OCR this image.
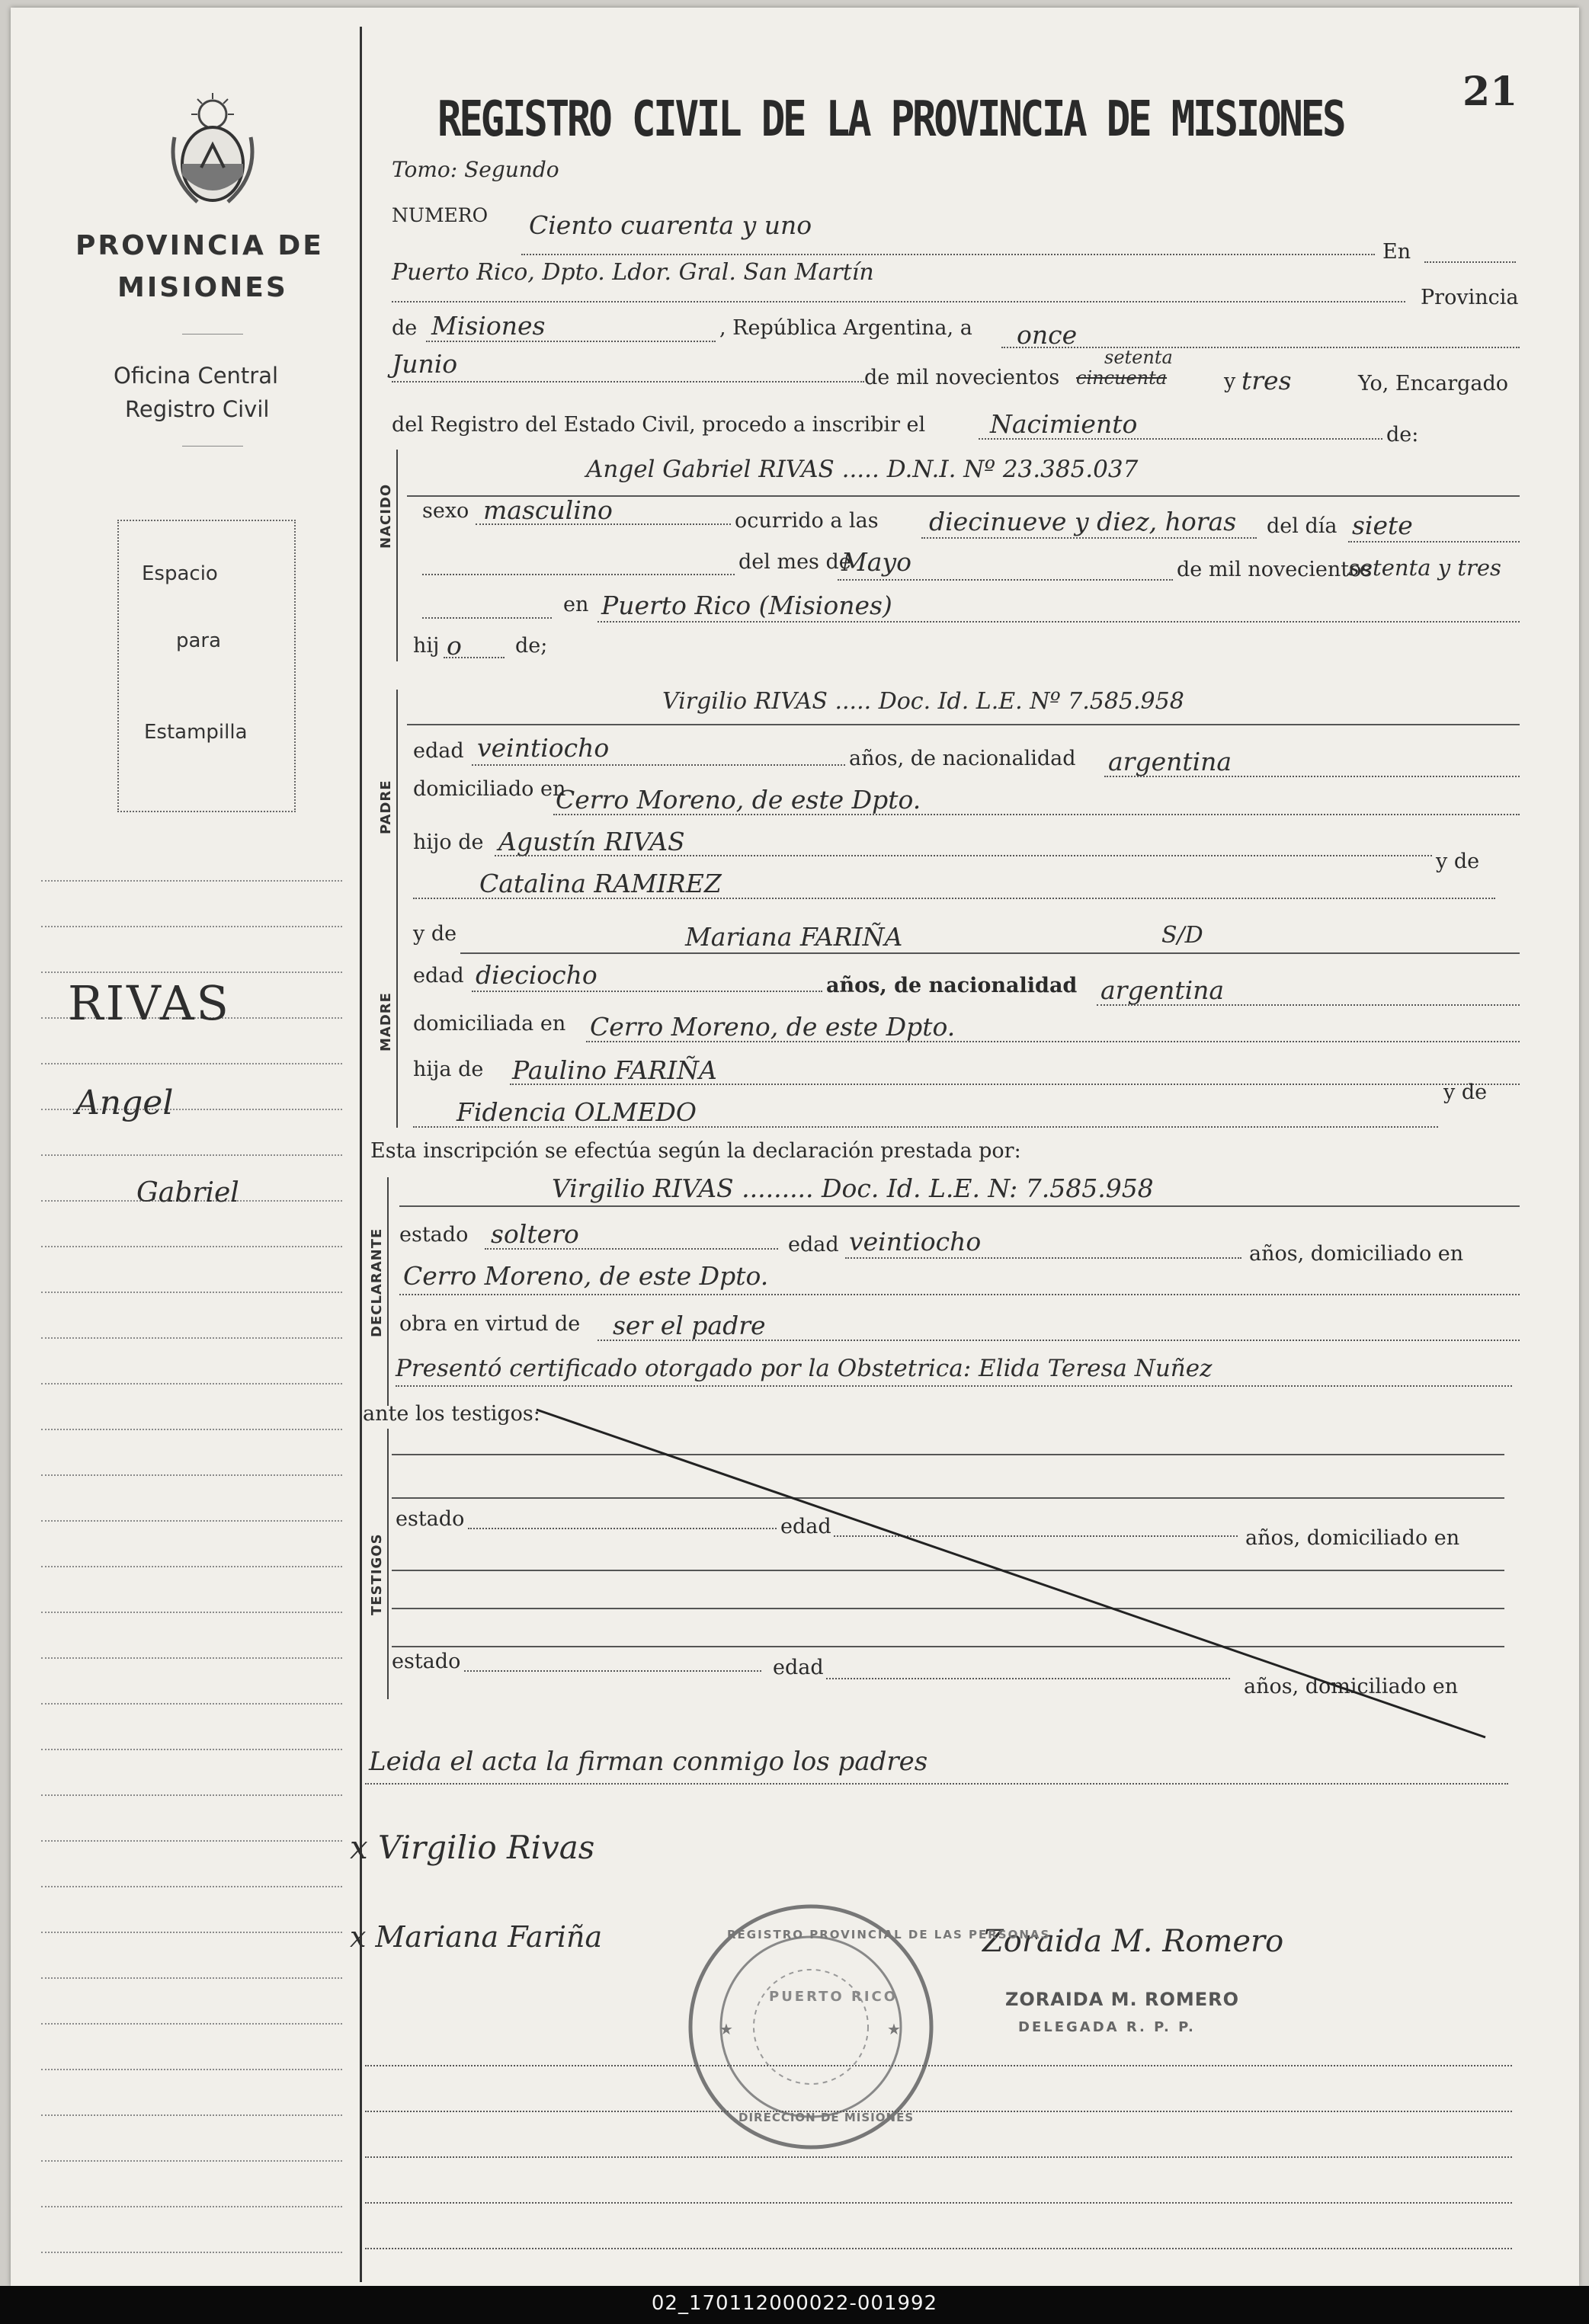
PROVINCIA DE
MISIONES
Oficina Central
Registro Civil
Espacio
para
Estampilla
RIVAS
Angel
Gabriel
21
REGISTRO CIVIL DE LA PROVINCIA DE MISIONES
Tomo: Segundo
NUMERO Ciento cuarenta y uno
En
Puerto Rico, Dpto. Ldor. Gral. San Martín
Provincia
de Misiones	, República Argentina, a once
Junio	de mil novecientos
setenta
cincuenta	y tres	Yo, Encargado
del Registro del Estado Civil, procedo a inscribir el	Nacimiento	de:
NACIDO
Angel Gabriel RIVAS ..... D.N.I. Nº 23.385.037
sexo masculino	ocurrido a las diecinueve y diez, horas del día siete
del mes de
Mayo	de mil novecientos
setenta y tres
en Puerto Rico (Misiones)
hij o	de;
PADRE
Virgilio RIVAS ..... Doc. Id. L.E. Nº 7.585.958
edad veintiocho	años, de nacionalidad argentina
domiciliado en
Cerro Moreno, de este Dpto.
hijo de Agustín RIVAS
y de
Catalina RAMIREZ
MADRE
y de	Mariana FARIÑA	S/D
edad dieciocho	años, de nacionalidad argentina
domiciliada en Cerro Moreno, de este Dpto.
hija de Paulino FARIÑA
Fidencia OLMEDO
y de
Esta inscripción se efectúa según la declaración prestada por:
DECLARANTE
Virgilio RIVAS ......... Doc. Id. L.E. N: 7.585.958
estado soltero	edad veintiocho	años, domiciliado en
Cerro Moreno, de este Dpto.
obra en virtud de ser el padre
Presentó certificado otorgado por la Obstetrica: Elida Teresa Nuñez
ante los testigos:
TESTIGOS
estado	edad	años, domiciliado en
estado	edad
años, domiciliado en
Leida el acta la firman conmigo los padres
x Virgilio Rivas
x Mariana Fariña	Zoraida M. Romero
ZORAIDA M. ROMERO
DELEGADA R. P. P.
★	★
REGISTRO PROVINCIAL DE LAS PERSONAS
PUERTO RICO
DIRECCIÓN DE MISIONES
02_170112000022-001992
